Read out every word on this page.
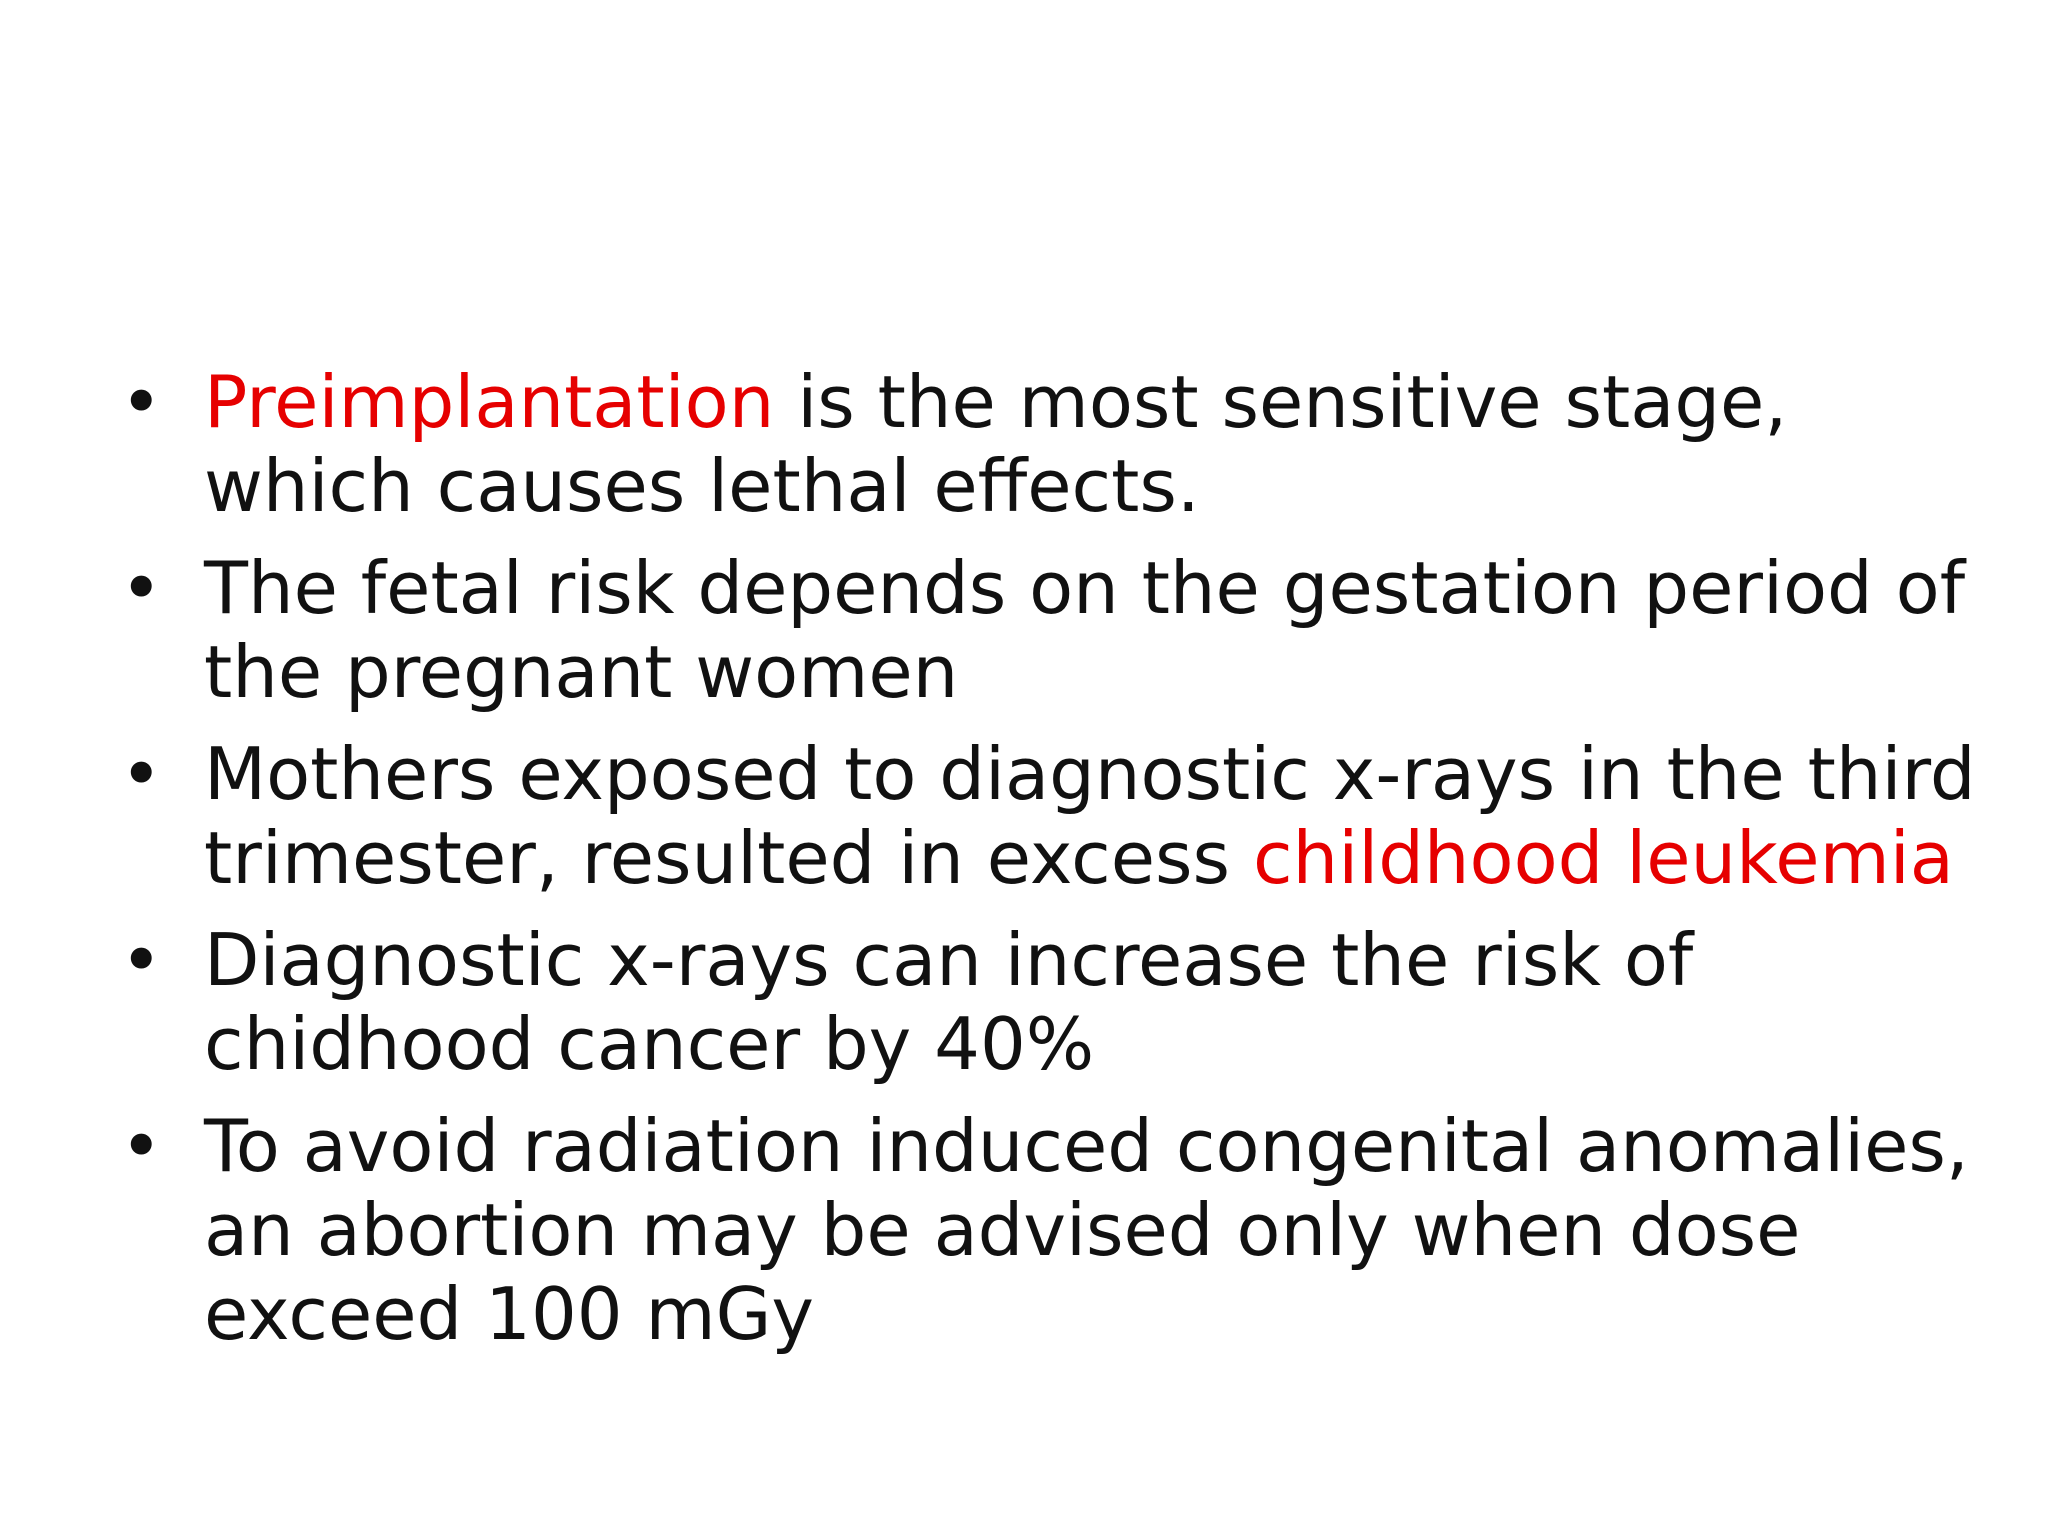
• Preimplantation is the most sensitive stage, which causes lethal effects.
• The fetal risk depends on the gestation period of the pregnant women
• Mothers exposed to diagnostic x-rays in the third trimester, resulted in excess childhood leukemia
• Diagnostic x-rays can increase the risk of chidhood cancer by 40%
• To avoid radiation induced congenital anomalies, an abortion may be advised only when dose exceed 100 mGy
